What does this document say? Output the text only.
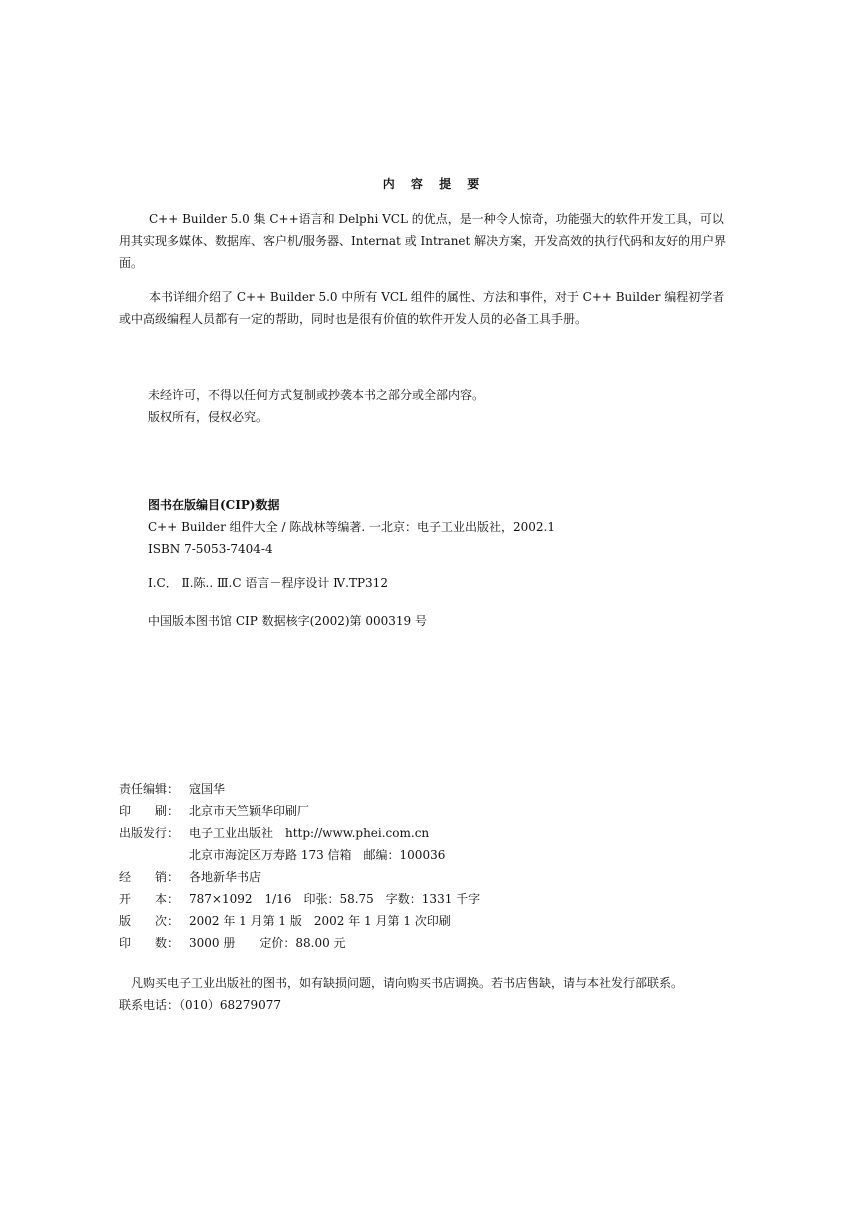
内 容 提 要
C++ Builder 5.0 集 C++语言和 Delphi VCL 的优点，是一种令人惊奇，功能强大的软件开发工具，可以用其实现多媒体、数据库、客户机/服务器、Internat 或 Intranet 解决方案，开发高效的执行代码和友好的用户界面。
本书详细介绍了 C++ Builder 5.0 中所有 VCL 组件的属性、方法和事件，对于 C++ Builder 编程初学者或中高级编程人员都有一定的帮助，同时也是很有价值的软件开发人员的必备工具手册。
未经许可，不得以任何方式复制或抄袭本书之部分或全部内容。
版权所有，侵权必究。
图书在版编目(CIP)数据
C++ Builder 组件大全 / 陈战林等编著. 一北京：电子工业出版社，2002.1
ISBN 7-5053-7404-4
Ⅰ.C． Ⅱ.陈.. Ⅲ.C 语言－程序设计 Ⅳ.TP312
中国版本图书馆 CIP 数据核字(2002)第 000319 号
责任编辑： 寇国华
印　　刷： 北京市天竺颖华印刷厂
出版发行： 电子工业出版社　http://www.phei.com.cn
北京市海淀区万寿路 173 信箱　邮编：100036
经　　销： 各地新华书店
开　　本： 787×1092　1/16　印张：58.75　字数：1331 千字
版　　次： 2002 年 1 月第 1 版　2002 年 1 月第 1 次印刷
印　　数： 3000 册　　定价：88.00 元
凡购买电子工业出版社的图书，如有缺损问题，请向购买书店调换。若书店售缺，请与本社发行部联系。
联系电话：（010）68279077
